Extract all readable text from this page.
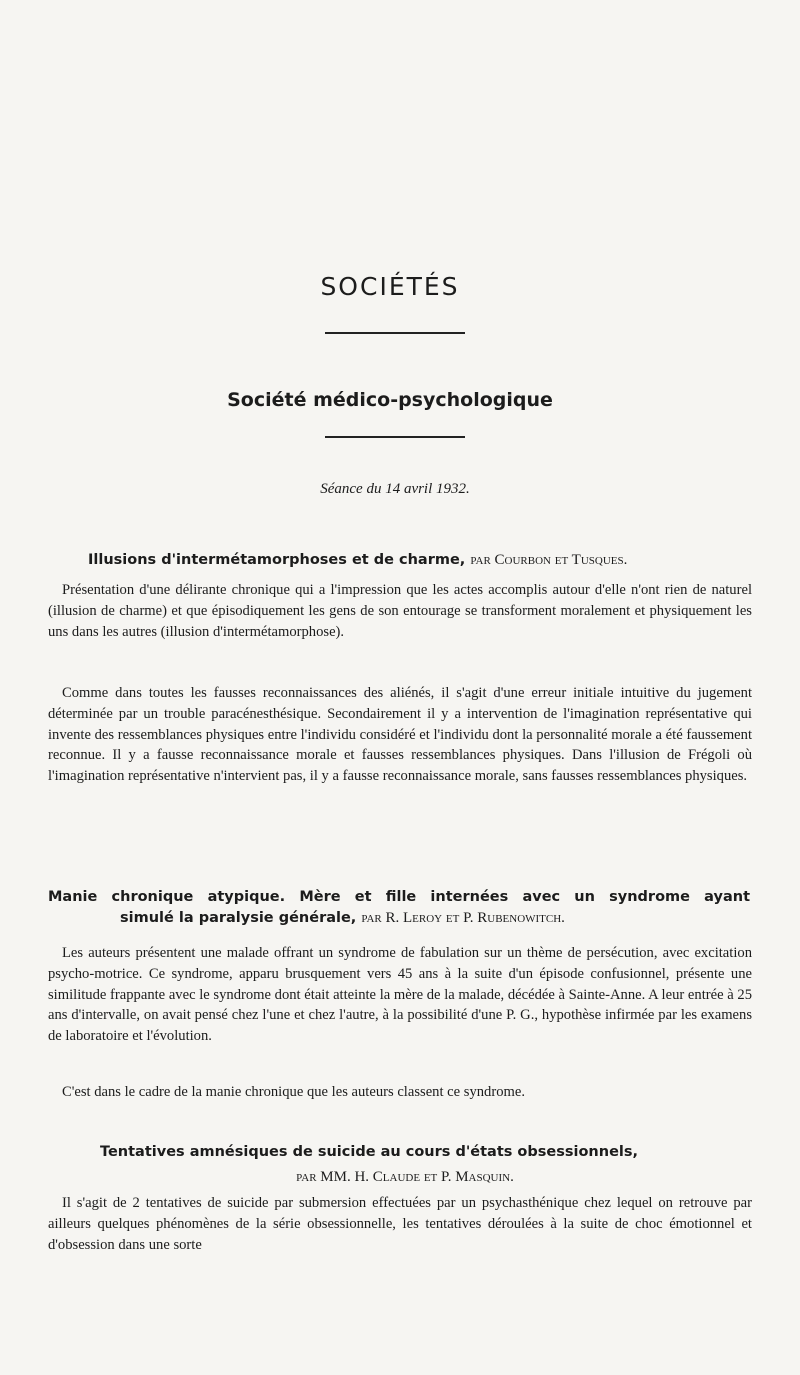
SOCIÉTÉS
Société médico-psychologique
Séance du 14 avril 1932.
Illusions d'intermétamorphoses et de charme, par Courbon et Tusques.

Présentation d'une délirante chronique qui a l'impression que les actes accomplis autour d'elle n'ont rien de naturel (illusion de charme) et que épisodiquement les gens de son entourage se transforment moralement et physiquement les uns dans les autres (illusion d'intermétamorphose).

Comme dans toutes les fausses reconnaissances des aliénés, il s'agit d'une erreur initiale intuitive du jugement déterminée par un trouble paracénesthésique. Secondairement il y a intervention de l'imagination représentative qui invente des ressemblances physiques entre l'individu considéré et l'individu dont la personnalité morale a été faussement reconnue. Il y a fausse reconnaissance morale et fausses ressemblances physiques. Dans l'illusion de Frégoli où l'imagination représentative n'intervient pas, il y a fausse reconnaissance morale, sans fausses ressemblances physiques.

Manie chronique atypique. Mère et fille internées avec un syndrome ayant
simulé la paralysie générale, par R. Leroy et P. Rubenowitch.

Les auteurs présentent une malade offrant un syndrome de fabulation sur un thème de persécution, avec excitation psycho-motrice. Ce syndrome, apparu brusquement vers 45 ans à la suite d'un épisode confusionnel, présente une similitude frappante avec le syndrome dont était atteinte la mère de la malade, décédée à Sainte-Anne. A leur entrée à 25 ans d'intervalle, on avait pensé chez l'une et chez l'autre, à la possibilité d'une P. G., hypothèse infirmée par les examens de laboratoire et l'évolution.

C'est dans le cadre de la manie chronique que les auteurs classent ce syndrome.

Tentatives amnésiques de suicide au cours d'états obsessionnels,
par MM. H. Claude et P. Masquin.

Il s'agit de 2 tentatives de suicide par submersion effectuées par un psychasthénique chez lequel on retrouve par ailleurs quelques phénomènes de la série obsessionnelle, les tentatives déroulées à la suite de choc émotionnel et d'obsession dans une sorte
